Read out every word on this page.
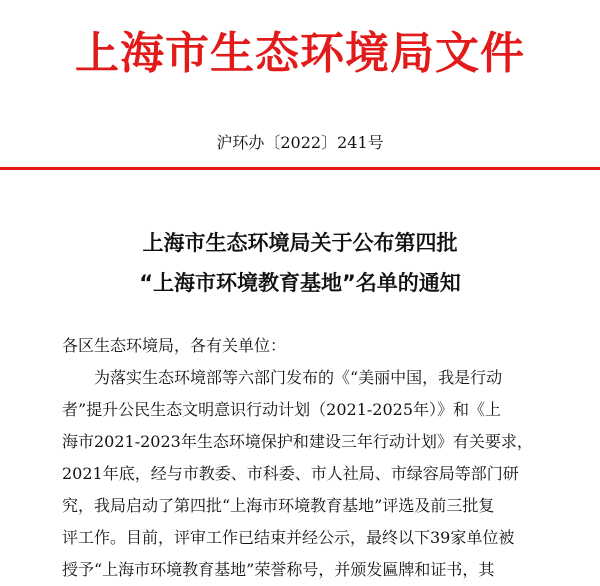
上海市生态环境局文件
沪环办〔2022〕241号
上海市生态环境局关于公布第四批
“上海市环境教育基地”名单的通知
各区生态环境局，各有关单位：
为落实生态环境部等六部门发布的《“美丽中国，我是行动
者”提升公民生态文明意识行动计划（2021-2025年）》和《上
海市2021-2023年生态环境保护和建设三年行动计划》有关要求，
2021年底，经与市教委、市科委、市人社局、市绿容局等部门研
究，我局启动了第四批“上海市环境教育基地”评选及前三批复
评工作。目前，评审工作已结束并经公示，最终以下39家单位被
授予“上海市环境教育基地”荣誉称号，并颁发匾牌和证书，其
